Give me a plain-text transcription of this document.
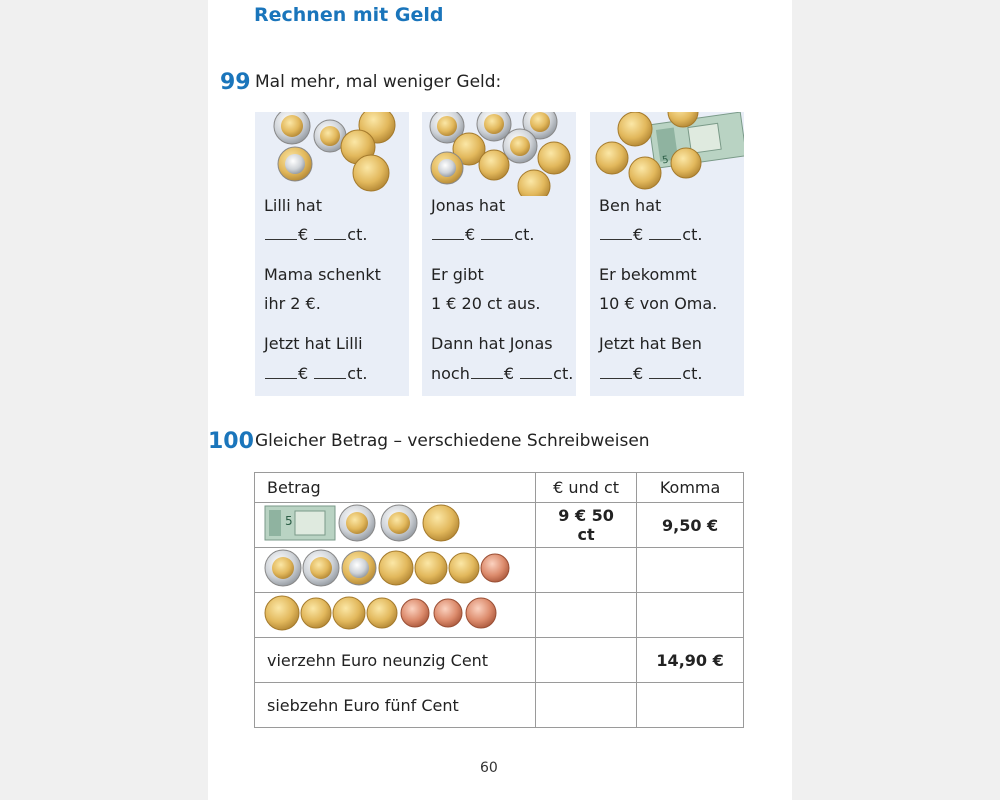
Rechnen mit Geld
99 Mal mehr, mal weniger Geld:
Lilli hat
€ ct.
Mama schenkt
ihr 2 €.
Jetzt hat Lilli
€ ct.
Jonas hat
€ ct.
Er gibt
1 € 20 ct aus.
Dann hat Jonas
noch € ct.
5
Ben hat
€ ct.
Er bekommt
10 € von Oma.
Jetzt hat Ben
€ ct.
100 Gleicher Betrag – verschiedene Schreibweisen
Betrag	€ und ct	Komma

5	9 € 50 ct	9,50 €

vierzehn Euro neunzig Cent		14,90 €
siebzehn Euro fünf Cent		
60
